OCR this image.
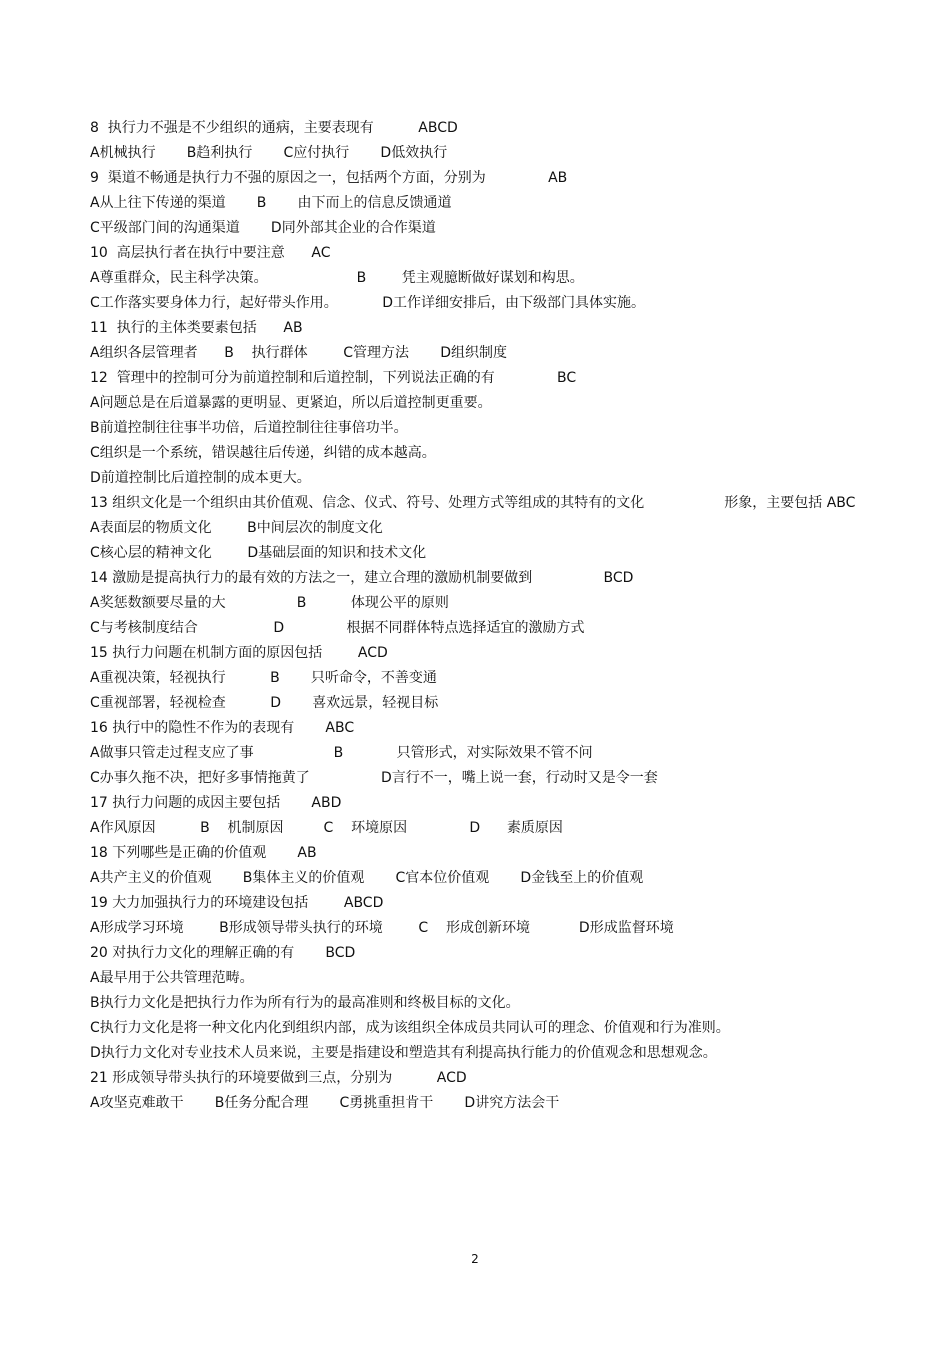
8  执行力不强是不少组织的通病，主要表现有          ABCD
A机械执行       B趋利执行       C应付执行       D低效执行
9  渠道不畅通是执行力不强的原因之一，包括两个方面，分别为              AB
A从上往下传递的渠道       B       由下而上的信息反馈通道
C平级部门间的沟通渠道       D同外部其企业的合作渠道
10  高层执行者在执行中要注意      AC
A尊重群众，民主科学决策。                    B        凭主观臆断做好谋划和构思。
C工作落实要身体力行，起好带头作用。          D工作详细安排后，由下级部门具体实施。
11  执行的主体类要素包括      AB
A组织各层管理者      B    执行群体        C管理方法       D组织制度
12  管理中的控制可分为前道控制和后道控制，下列说法正确的有              BC
A问题总是在后道暴露的更明显、更紧迫，所以后道控制更重要。
B前道控制往往事半功倍，后道控制往往事倍功半。
C组织是一个系统，错误越往后传递，纠错的成本越高。
D前道控制比后道控制的成本更大。
13 组织文化是一个组织由其价值观、信念、仪式、符号、处理方式等组成的其特有的文化	形象，主要包括 ABC
A表面层的物质文化        B中间层次的制度文化
C核心层的精神文化        D基础层面的知识和技术文化
14 激励是提高执行力的最有效的方法之一，建立合理的激励机制要做到                BCD
A奖惩数额要尽量的大                B          体现公平的原则
C与考核制度结合                 D              根据不同群体特点选择适宜的激励方式
15 执行力问题在机制方面的原因包括        ACD
A重视决策，轻视执行          B       只听命令，不善变通
C重视部署，轻视检查          D       喜欢远景，轻视目标
16 执行中的隐性不作为的表现有       ABC
A做事只管走过程支应了事                  B            只管形式，对实际效果不管不问
C办事久拖不决，把好多事情拖黄了                D言行不一，嘴上说一套，行动时又是令一套
17 执行力问题的成因主要包括       ABD
A作风原因          B    机制原因         C    环境原因              D      素质原因
18 下列哪些是正确的价值观       AB
A共产主义的价值观       B集体主义的价值观       C官本位价值观       D金钱至上的价值观
19 大力加强执行力的环境建设包括        ABCD
A形成学习环境        B形成领导带头执行的环境        C    形成创新环境           D形成监督环境
20 对执行力文化的理解正确的有       BCD
A最早用于公共管理范畴。
B执行力文化是把执行力作为所有行为的最高准则和终极目标的文化。
C执行力文化是将一种文化内化到组织内部，成为该组织全体成员共同认可的理念、价值观和行为准则。
D执行力文化对专业技术人员来说，主要是指建设和塑造其有利提高执行能力的价值观念和思想观念。
21 形成领导带头执行的环境要做到三点，分别为          ACD
A攻坚克难敢干       B任务分配合理       C勇挑重担肯干       D讲究方法会干
2
